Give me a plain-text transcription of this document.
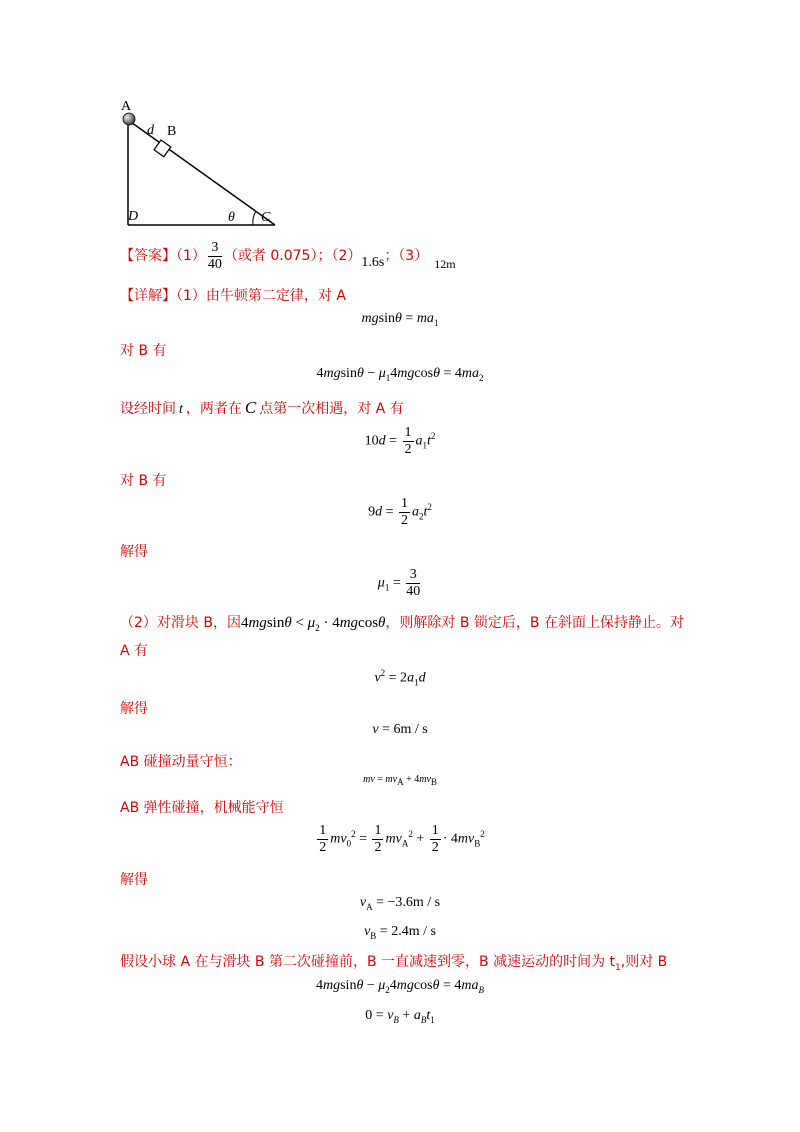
A
B
d
D	θ C
【答案】$(1) \frac{3}{40}$ （或者 0.075）；（2）1.6s；（3） 12m
【详解】（1）由牛顿第二定律，对 A
$mgsin\theta = ma_1$
对 B 有
$4mgsin\theta - \mu_14mgcos\theta = 4ma_2$
设经时间 t ，两者在 C 点第一次相遇，对 A 有
$10d = \frac{1}{2} a_1t^2$
对 B 有
$9d = \frac{1}{2} a_2t^2$
解得
$\mu_1 = \frac{3}{40}$
（2）对滑块 B，因$4mgsin\theta < \mu_2 \cdot 4mgcos\theta$，则解除对 B 锁定后，B 在斜面上保持静止。对
A 有
$v^2 = 2a_1d$
解得
v = 6m / s
AB 碰撞动量守恒：
mv = $mv_A + 4mv_B$
AB 弹性碰撞，机械能守恒
$\frac{1}{2} mv_0^2 = \frac{1}{2} mv_A^2 + \frac{1}{2} \cdot 4mv_B^2$
解得
$v_A = -3.6m / s$
$v_B = 2.4m / s$
假设小球 A 在与滑块 B 第二次碰撞前，B 一直减速到零，B 减速运动的时间为 $t_1$,则对 B
$4mgsin\theta - \mu_24mgcos\theta = 4ma_B$
$0 = v_B + a_Bt_1$
